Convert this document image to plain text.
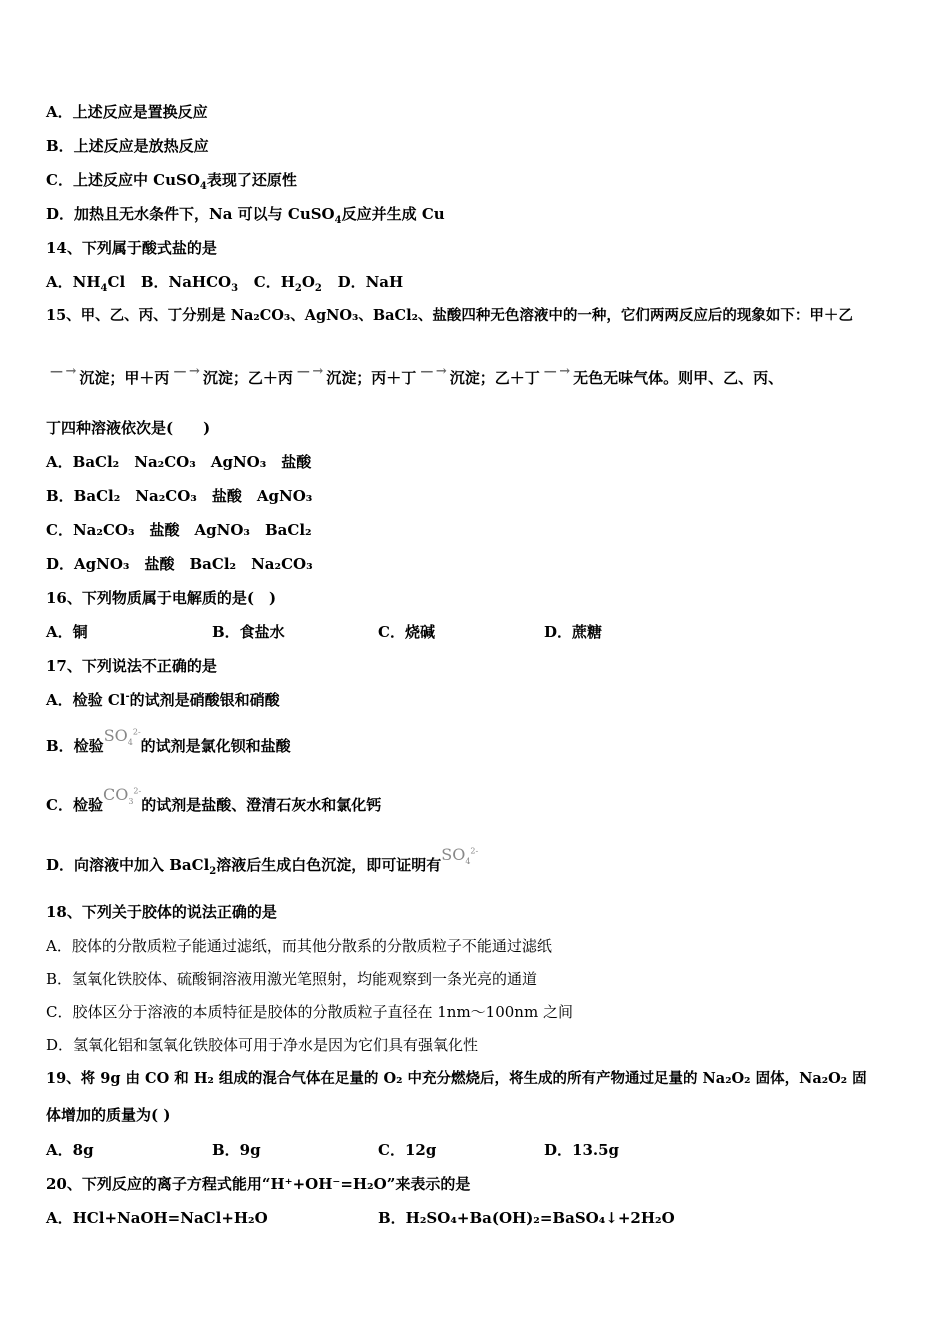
A．上述反应是置换反应
B．上述反应是放热反应
C．上述反应中 CuSO$_4$表现了还原性
D．加热且无水条件下，Na 可以与 CuSO$_4$反应并生成 Cu
14、下列属于酸式盐的是
A．$NH_4Cl$ B．NaHCO$_3$ C．$H_2O_2$ D．NaH
15、甲、乙、丙、丁分别是 Na₂CO₃、AgNO₃、BaCl₂、盐酸四种无色溶液中的一种，它们两两反应后的现象如下：甲＋乙
— → 沉淀；甲＋丙 — → 沉淀；乙＋丙 — → 沉淀；丙＋丁 — → 沉淀；乙＋丁 — → 无色无味气体。则甲、乙、丙、
丁四种溶液依次是(　　)
A．BaCl₂　Na₂CO₃　AgNO₃　盐酸
B．BaCl₂　Na₂CO₃　盐酸　AgNO₃
C．Na₂CO₃　盐酸　AgNO₃　BaCl₂
D．AgNO₃　盐酸　BaCl₂　Na₂CO₃
16、下列物质属于电解质的是(　)
A．铜	B．食盐水	C．烧碱	D．蔗糖
17、下列说法不正确的是
A．检验 Cl-的试剂是硝酸银和硝酸
B．检验$SO_4^{2-}$的试剂是氯化钡和盐酸
C．检验$CO_3^{2-}$的试剂是盐酸、澄清石灰水和氯化钙
D．向溶液中加入 BaCl$_2$溶液后生成白色沉淀，即可证明有$SO_4^{2-}$
18、下列关于胶体的说法正确的是
A．胶体的分散质粒子能通过滤纸，而其他分散系的分散质粒子不能通过滤纸
B．氢氧化铁胶体、硫酸铜溶液用激光笔照射，均能观察到一条光亮的通道
C．胶体区分于溶液的本质特征是胶体的分散质粒子直径在 1nm～100nm 之间
D．氢氧化铝和氢氧化铁胶体可用于净水是因为它们具有强氧化性
19、将 9g 由 CO 和 H₂ 组成的混合气体在足量的 O₂ 中充分燃烧后，将生成的所有产物通过足量的 Na₂O₂ 固体，Na₂O₂ 固
体增加的质量为( )
A．8g	B．9g	C．12g	D．13.5g
20、下列反应的离子方程式能用“H⁺+OH⁻=H₂O”来表示的是
A．HCl+NaOH=NaCl+H₂O	B．H₂SO₄+Ba(OH)₂=BaSO₄↓+2H₂O
